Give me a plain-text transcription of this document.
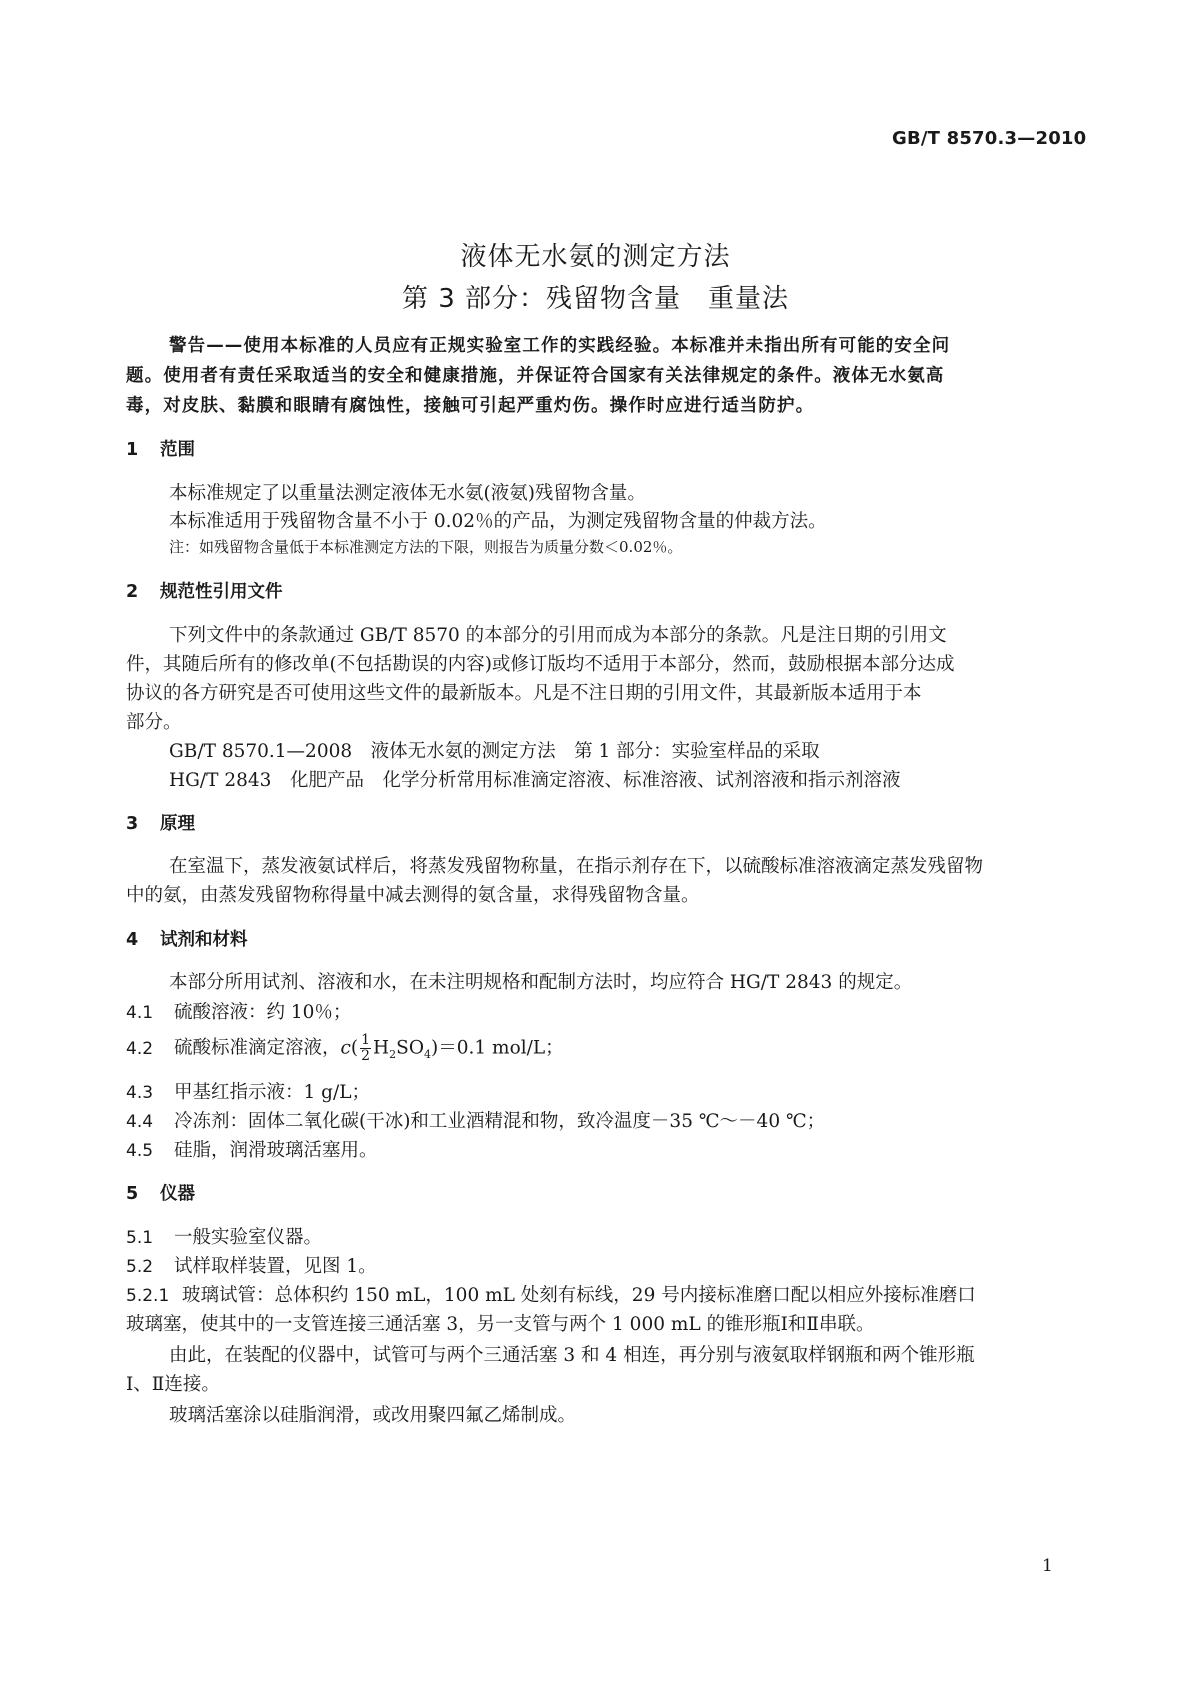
GB/T 8570.3—2010
液体无水氨的测定方法
第 3 部分：残留物含量　重量法
警告——使用本标准的人员应有正规实验室工作的实践经验。本标准并未指出所有可能的安全问
题。使用者有责任采取适当的安全和健康措施，并保证符合国家有关法律规定的条件。液体无水氨高
毒，对皮肤、黏膜和眼睛有腐蚀性，接触可引起严重灼伤。操作时应进行适当防护。
1 范围
本标准规定了以重量法测定液体无水氨(液氨)残留物含量。
本标准适用于残留物含量不小于 0.02％的产品，为测定残留物含量的仲裁方法。
注：如残留物含量低于本标准测定方法的下限，则报告为质量分数＜0.02％。
2 规范性引用文件
下列文件中的条款通过 GB/T 8570 的本部分的引用而成为本部分的条款。凡是注日期的引用文
件，其随后所有的修改单(不包括勘误的内容)或修订版均不适用于本部分，然而，鼓励根据本部分达成
协议的各方研究是否可使用这些文件的最新版本。凡是不注日期的引用文件，其最新版本适用于本
部分。
GB/T 8570.1—2008　液体无水氨的测定方法　第 1 部分：实验室样品的采取
HG/T 2843　化肥产品　化学分析常用标准滴定溶液、标准溶液、试剂溶液和指示剂溶液
3 原理
在室温下，蒸发液氨试样后，将蒸发残留物称量，在指示剂存在下，以硫酸标准溶液滴定蒸发残留物
中的氨，由蒸发残留物称得量中减去测得的氨含量，求得残留物含量。
4 试剂和材料
本部分所用试剂、溶液和水，在未注明规格和配制方法时，均应符合 HG/T 2843 的规定。
4.1 硫酸溶液：约 10％；
4.2 硫酸标准滴定溶液，$c( \frac{1}{2} H_2SO_4)=0.1$ mol/L；
4.3 甲基红指示液：1 g/L；
4.4 冷冻剂：固体二氧化碳(干冰)和工业酒精混和物，致冷温度－35 ℃～－40 ℃；
4.5 硅脂，润滑玻璃活塞用。
5 仪器
5.1 一般实验室仪器。
5.2 试样取样装置，见图 1。
5.2.1 玻璃试管：总体积约 150 mL，100 mL 处刻有标线，29 号内接标准磨口配以相应外接标准磨口
玻璃塞，使其中的一支管连接三通活塞 3，另一支管与两个 1 000 mL 的锥形瓶Ⅰ和Ⅱ串联。
由此，在装配的仪器中，试管可与两个三通活塞 3 和 4 相连，再分别与液氨取样钢瓶和两个锥形瓶
Ⅰ、Ⅱ连接。
玻璃活塞涂以硅脂润滑，或改用聚四氟乙烯制成。
1
